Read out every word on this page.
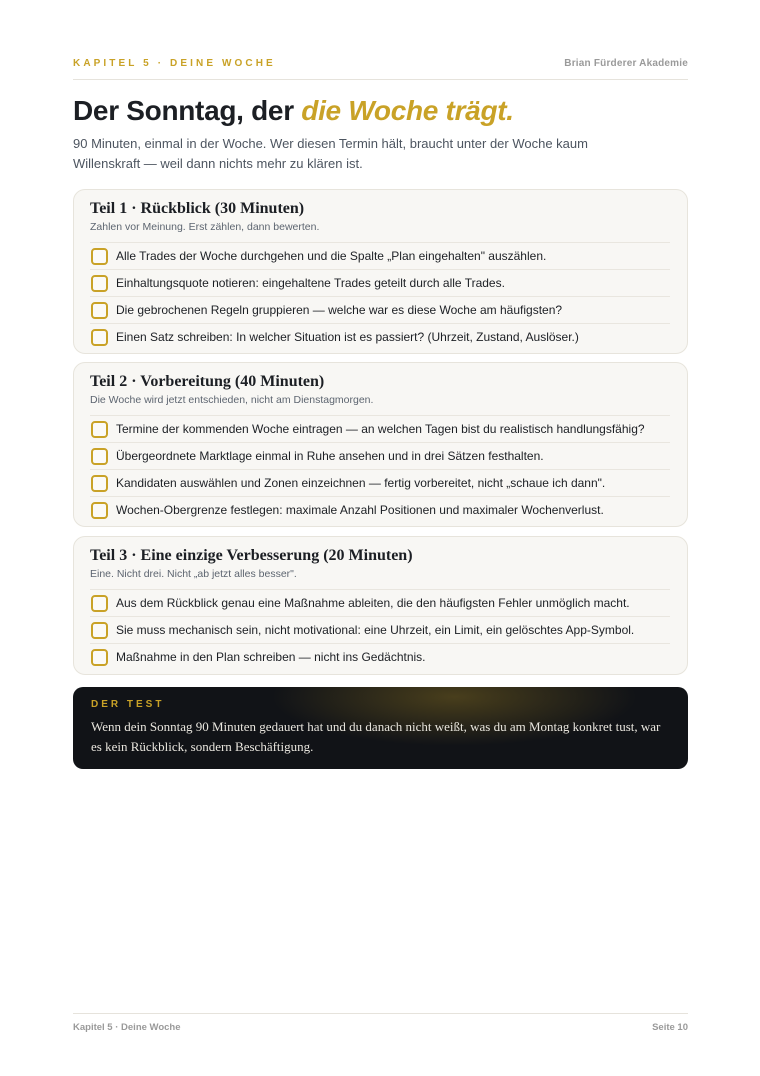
KAPITEL 5 · DEINE WOCHE	Brian Fürderer Akademie
Der Sonntag, der die Woche trägt.

90 Minuten, einmal in der Woche. Wer diesen Termin hält, braucht unter der Woche kaum Willenskraft — weil dann nichts mehr zu klären ist.

Teil 1 · Rückblick (30 Minuten)

Zahlen vor Meinung. Erst zählen, dann bewerten.

Alle Trades der Woche durchgehen und die Spalte „Plan eingehalten" auszählen.
Einhaltungsquote notieren: eingehaltene Trades geteilt durch alle Trades.
Die gebrochenen Regeln gruppieren — welche war es diese Woche am häufigsten?
Einen Satz schreiben: In welcher Situation ist es passiert? (Uhrzeit, Zustand, Auslöser.)
Teil 2 · Vorbereitung (40 Minuten)

Die Woche wird jetzt entschieden, nicht am Dienstagmorgen.

Termine der kommenden Woche eintragen — an welchen Tagen bist du realistisch handlungsfähig?
Übergeordnete Marktlage einmal in Ruhe ansehen und in drei Sätzen festhalten.
Kandidaten auswählen und Zonen einzeichnen — fertig vorbereitet, nicht „schaue ich dann".
Wochen-Obergrenze festlegen: maximale Anzahl Positionen und maximaler Wochenverlust.
Teil 3 · Eine einzige Verbesserung (20 Minuten)

Eine. Nicht drei. Nicht „ab jetzt alles besser".

Aus dem Rückblick genau eine Maßnahme ableiten, die den häufigsten Fehler unmöglich macht.
Sie muss mechanisch sein, nicht motivational: eine Uhrzeit, ein Limit, ein gelöschtes App-Symbol.
Maßnahme in den Plan schreiben — nicht ins Gedächtnis.
DER TEST

Wenn dein Sonntag 90 Minuten gedauert hat und du danach nicht weißt, was du am Montag konkret tust, war es kein Rückblick, sondern Beschäftigung.

Kapitel 5 · Deine Woche	Seite 10
